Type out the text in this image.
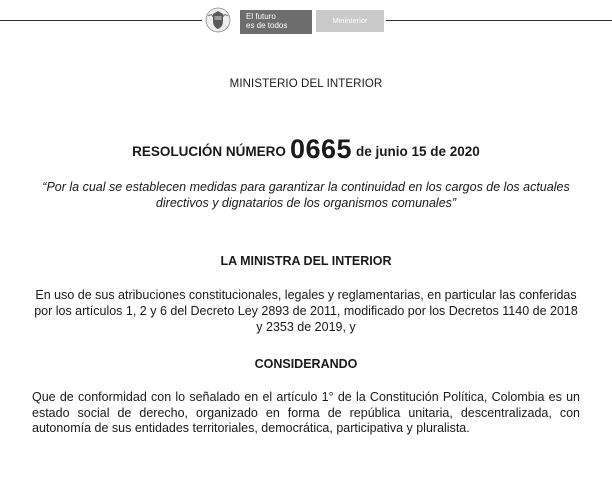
El futuro
es de todos
Mininterior
MINISTERIO DEL INTERIOR
RESOLUCIÓN NÚMERO 0665 de junio 15 de 2020
“Por la cual se establecen medidas para garantizar la continuidad en los cargos de los actuales directivos y dignatarios de los organismos comunales”
LA MINISTRA DEL INTERIOR
En uso de sus atribuciones constitucionales, legales y reglamentarias, en particular las conferidas por los artículos 1, 2 y 6 del Decreto Ley 2893 de 2011, modificado por los Decretos 1140 de 2018 y 2353 de 2019, y
CONSIDERANDO
Que de conformidad con lo señalado en el artículo 1° de la Constitución Política, Colombia es un estado social de derecho, organizado en forma de república unitaria, descentralizada, con autonomía de sus entidades territoriales, democrática, participativa y pluralista.
